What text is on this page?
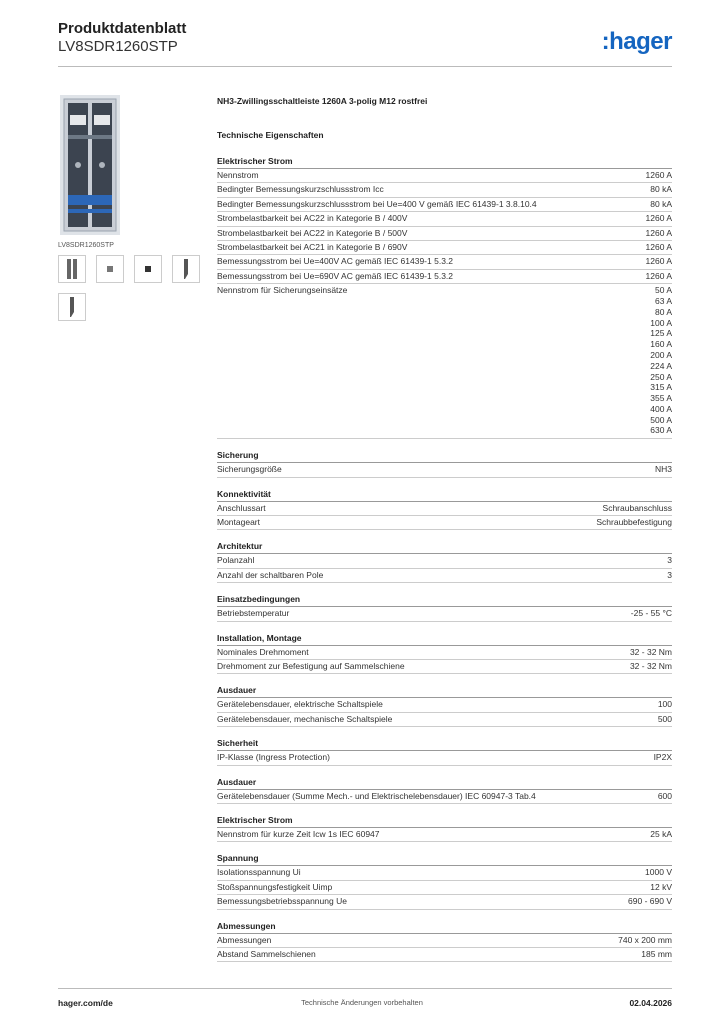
Produktdatenblatt
LV8SDR1260STP	:hager
LV8SDR1260STP
NH3-Zwillingsschaltleiste 1260A 3-polig M12 rostfrei
Technische Eigenschaften
Elektrischer Strom
Nennstrom	1260 A
Bedingter Bemessungskurzschlussstrom Icc	80 kA
Bedingter Bemessungskurzschlussstrom bei Ue=400 V gemäß IEC 61439-1 3.8.10.4	80 kA
Strombelastbarkeit bei AC22 in Kategorie B / 400V	1260 A
Strombelastbarkeit bei AC22 in Kategorie B / 500V	1260 A
Strombelastbarkeit bei AC21 in Kategorie B / 690V	1260 A
Bemessungsstrom bei Ue=400V AC gemäß IEC 61439-1 5.3.2	1260 A
Bemessungsstrom bei Ue=690V AC gemäß IEC 61439-1 5.3.2	1260 A
Nennstrom für Sicherungseinsätze	50 A
63 A
80 A
100 A
125 A
160 A
200 A
224 A
250 A
315 A
355 A
400 A
500 A
630 A
Sicherung
Sicherungsgröße	NH3
Konnektivität
Anschlussart	Schraubanschluss
Montageart	Schraubbefestigung
Architektur
Polanzahl	3
Anzahl der schaltbaren Pole	3
Einsatzbedingungen
Betriebstemperatur	-25 - 55 °C
Installation, Montage
Nominales Drehmoment	32 - 32 Nm
Drehmoment zur Befestigung auf Sammelschiene	32 - 32 Nm
Ausdauer
Gerätelebensdauer, elektrische Schaltspiele	100
Gerätelebensdauer, mechanische Schaltspiele	500
Sicherheit
IP-Klasse (Ingress Protection)	IP2X
Ausdauer
Gerätelebensdauer (Summe Mech.- und Elektrischelebensdauer) IEC 60947-3 Tab.4	600
Elektrischer Strom
Nennstrom für kurze Zeit Icw 1s IEC 60947	25 kA
Spannung
Isolationsspannung Ui	1000 V
Stoßspannungsfestigkeit Uimp	12 kV
Bemessungsbetriebsspannung Ue	690 - 690 V
Abmessungen
Abmessungen	740 x 200 mm
Abstand Sammelschienen	185 mm
hager.com/de	Technische Änderungen vorbehalten	02.04.2026
